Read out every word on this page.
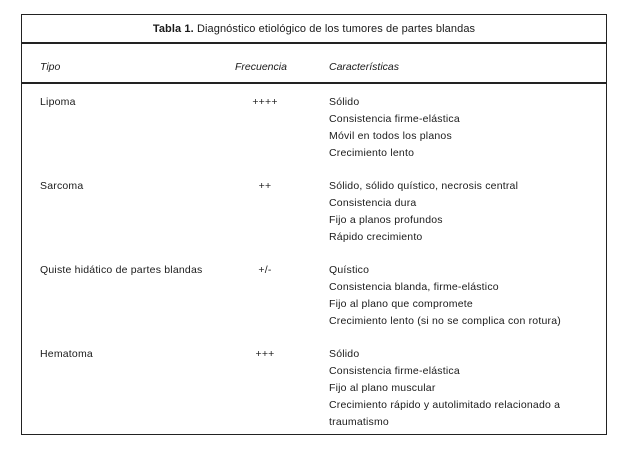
Tabla 1. Diagnóstico etiológico de los tumores de partes blandas
Tipo	Frecuencia	Características
Lipoma	++++	Sólido
Consistencia firme-elástica
Móvil en todos los planos
Crecimiento lento
Sarcoma	++	Sólido, sólido quístico, necrosis central
Consistencia dura
Fijo a planos profundos
Rápido crecimiento
Quiste hidático de partes blandas	+/-	Quístico
Consistencia blanda, firme-elástico
Fijo al plano que compromete
Crecimiento lento (si no se complica con rotura)
Hematoma	+++	Sólido
Consistencia firme-elástica
Fijo al plano muscular
Crecimiento rápido y autolimitado relacionado a traumatismo
